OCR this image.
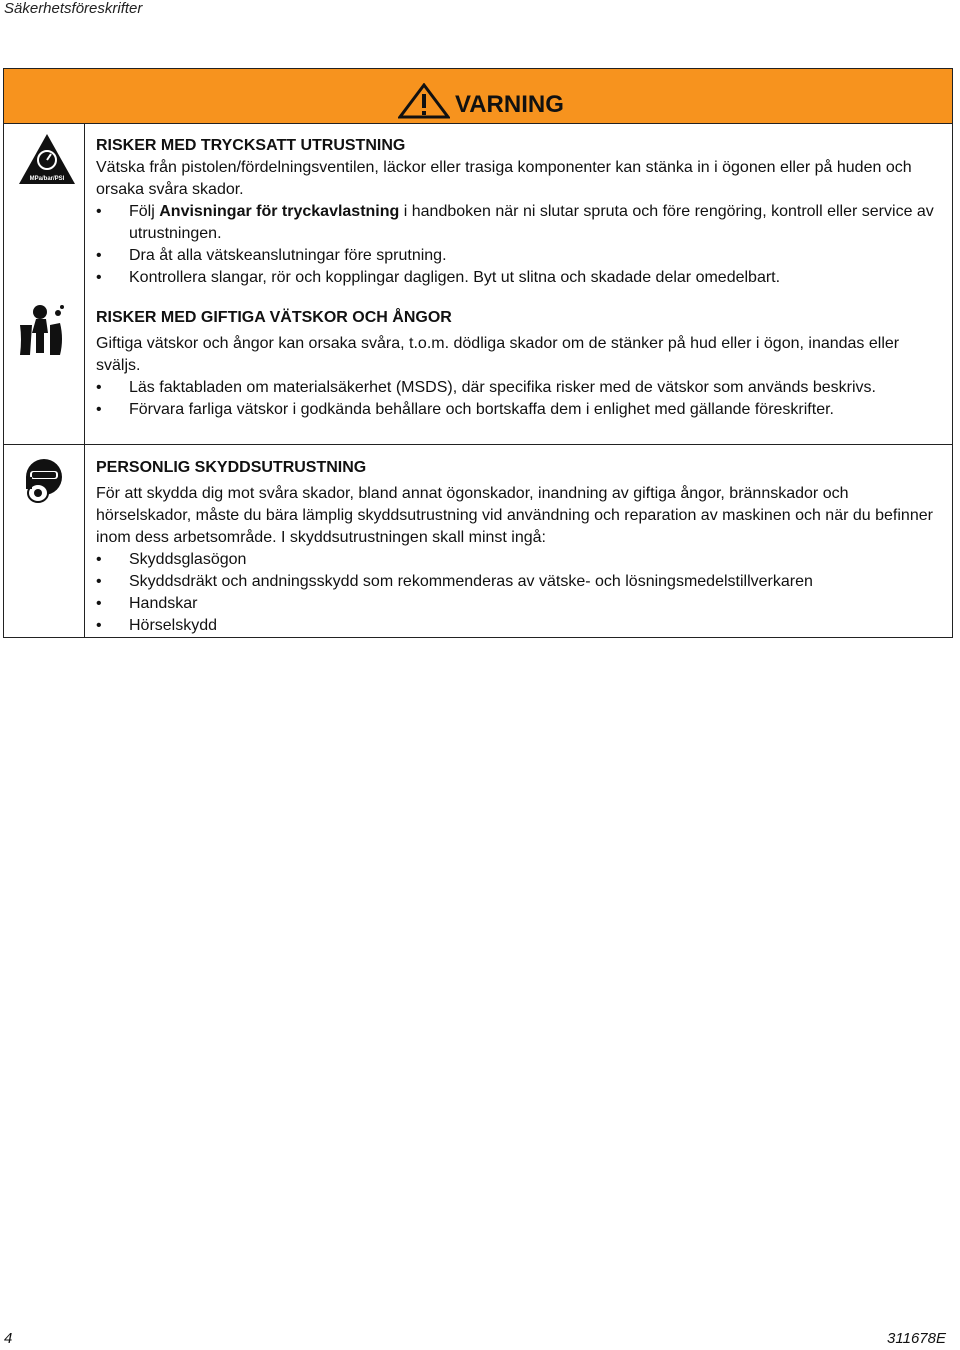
Säkerhetsföreskrifter
VARNING
MPa/bar/PSI
RISKER MED TRYCKSATT UTRUSTNING

Vätska från pistolen/fördelningsventilen, läckor eller trasiga komponenter kan stänka in i ögonen eller på huden och orsaka svåra skador.

• Följ Anvisningar för tryckavlastning i handboken när ni slutar spruta och före rengöring, kontroll eller service av utrustningen.
• Dra åt alla vätskeanslutningar före sprutning.
• Kontrollera slangar, rör och kopplingar dagligen. Byt ut slitna och skadade delar omedelbart.
RISKER MED GIFTIGA VÄTSKOR OCH ÅNGOR

Giftiga vätskor och ångor kan orsaka svåra, t.o.m. dödliga skador om de stänker på hud eller i ögon, inandas eller sväljs.

• Läs faktabladen om materialsäkerhet (MSDS), där specifika risker med de vätskor som används beskrivs.
• Förvara farliga vätskor i godkända behållare och bortskaffa dem i enlighet med gällande föreskrifter.
PERSONLIG SKYDDSUTRUSTNING

För att skydda dig mot svåra skador, bland annat ögonskador, inandning av giftiga ångor, brännskador och hörselskador, måste du bära lämplig skyddsutrustning vid användning och reparation av maskinen och när du befinner inom dess arbetsområde. I skyddsutrustningen skall minst ingå:

• Skyddsglasögon
• Skyddsdräkt och andningsskydd som rekommenderas av vätske- och lösningsmedelstillverkaren
• Handskar
• Hörselskydd
4	311678E
